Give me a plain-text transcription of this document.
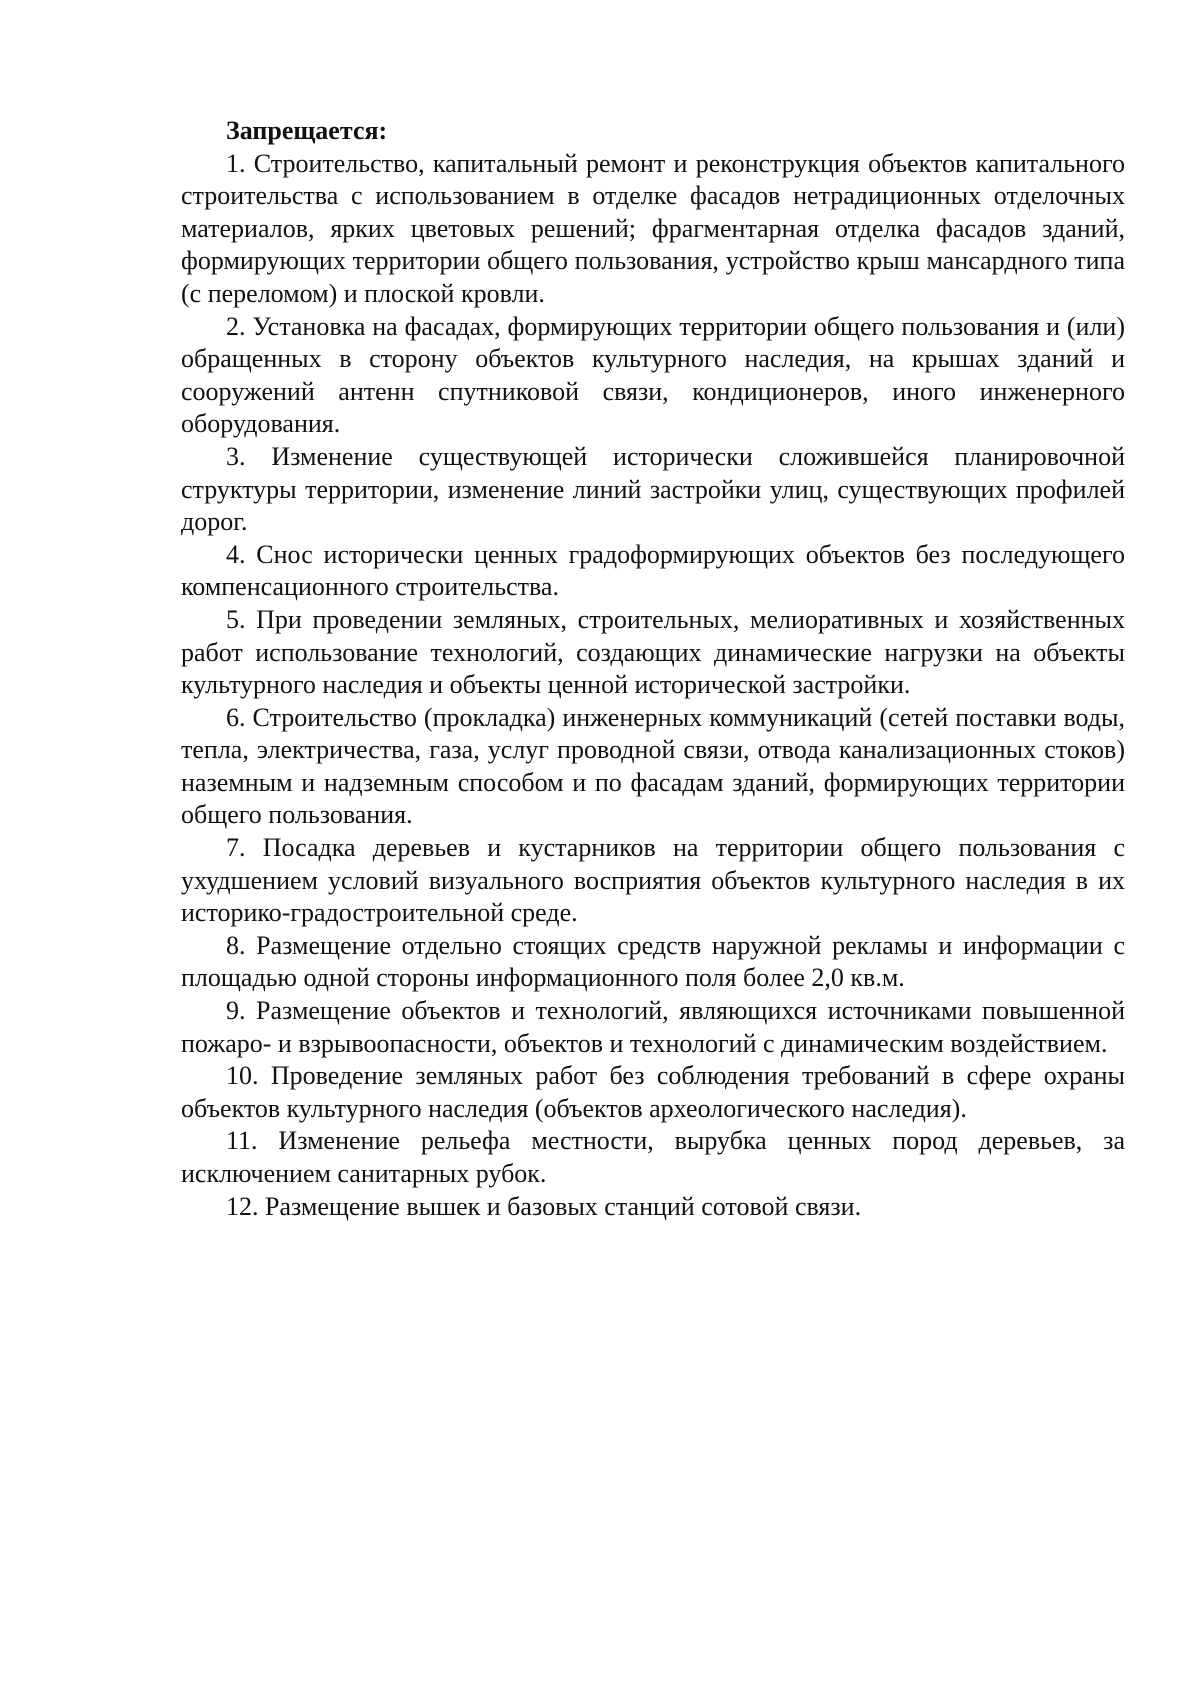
Запрещается:

1. Строительство, капитальный ремонт и реконструкция объектов капитального строительства с использованием в отделке фасадов нетрадиционных отделочных материалов, ярких цветовых решений; фрагментарная отделка фасадов зданий, формирующих территории общего пользования, устройство крыш мансардного типа (с переломом) и плоской кровли.

2. Установка на фасадах, формирующих территории общего пользования и (или) обращенных в сторону объектов культурного наследия, на крышах зданий и сооружений антенн спутниковой связи, кондиционеров, иного инженерного оборудования.

3. Изменение существующей исторически сложившейся планировочной структуры территории, изменение линий застройки улиц, существующих профилей дорог.

4. Снос исторически ценных градоформирующих объектов без последующего компенсационного строительства.

5. При проведении земляных, строительных, мелиоративных и хозяйственных работ использование технологий, создающих динамические нагрузки на объекты культурного наследия и объекты ценной исторической застройки.

6. Строительство (прокладка) инженерных коммуникаций (сетей поставки воды, тепла, электричества, газа, услуг проводной связи, отвода канализационных стоков) наземным и надземным способом и по фасадам зданий, формирующих территории общего пользования.

7. Посадка деревьев и кустарников на территории общего пользования с ухудшением условий визуального восприятия объектов культурного наследия в их историко-градостроительной среде.

8. Размещение отдельно стоящих средств наружной рекламы и информации с площадью одной стороны информационного поля более 2,0 кв.м.

9. Размещение объектов и технологий, являющихся источниками повышенной пожаро- и взрывоопасности, объектов и технологий с динамическим воздействием.

10. Проведение земляных работ без соблюдения требований в сфере охраны объектов культурного наследия (объектов археологического наследия).

11. Изменение рельефа местности, вырубка ценных пород деревьев, за исключением санитарных рубок.

12. Размещение вышек и базовых станций сотовой связи.
